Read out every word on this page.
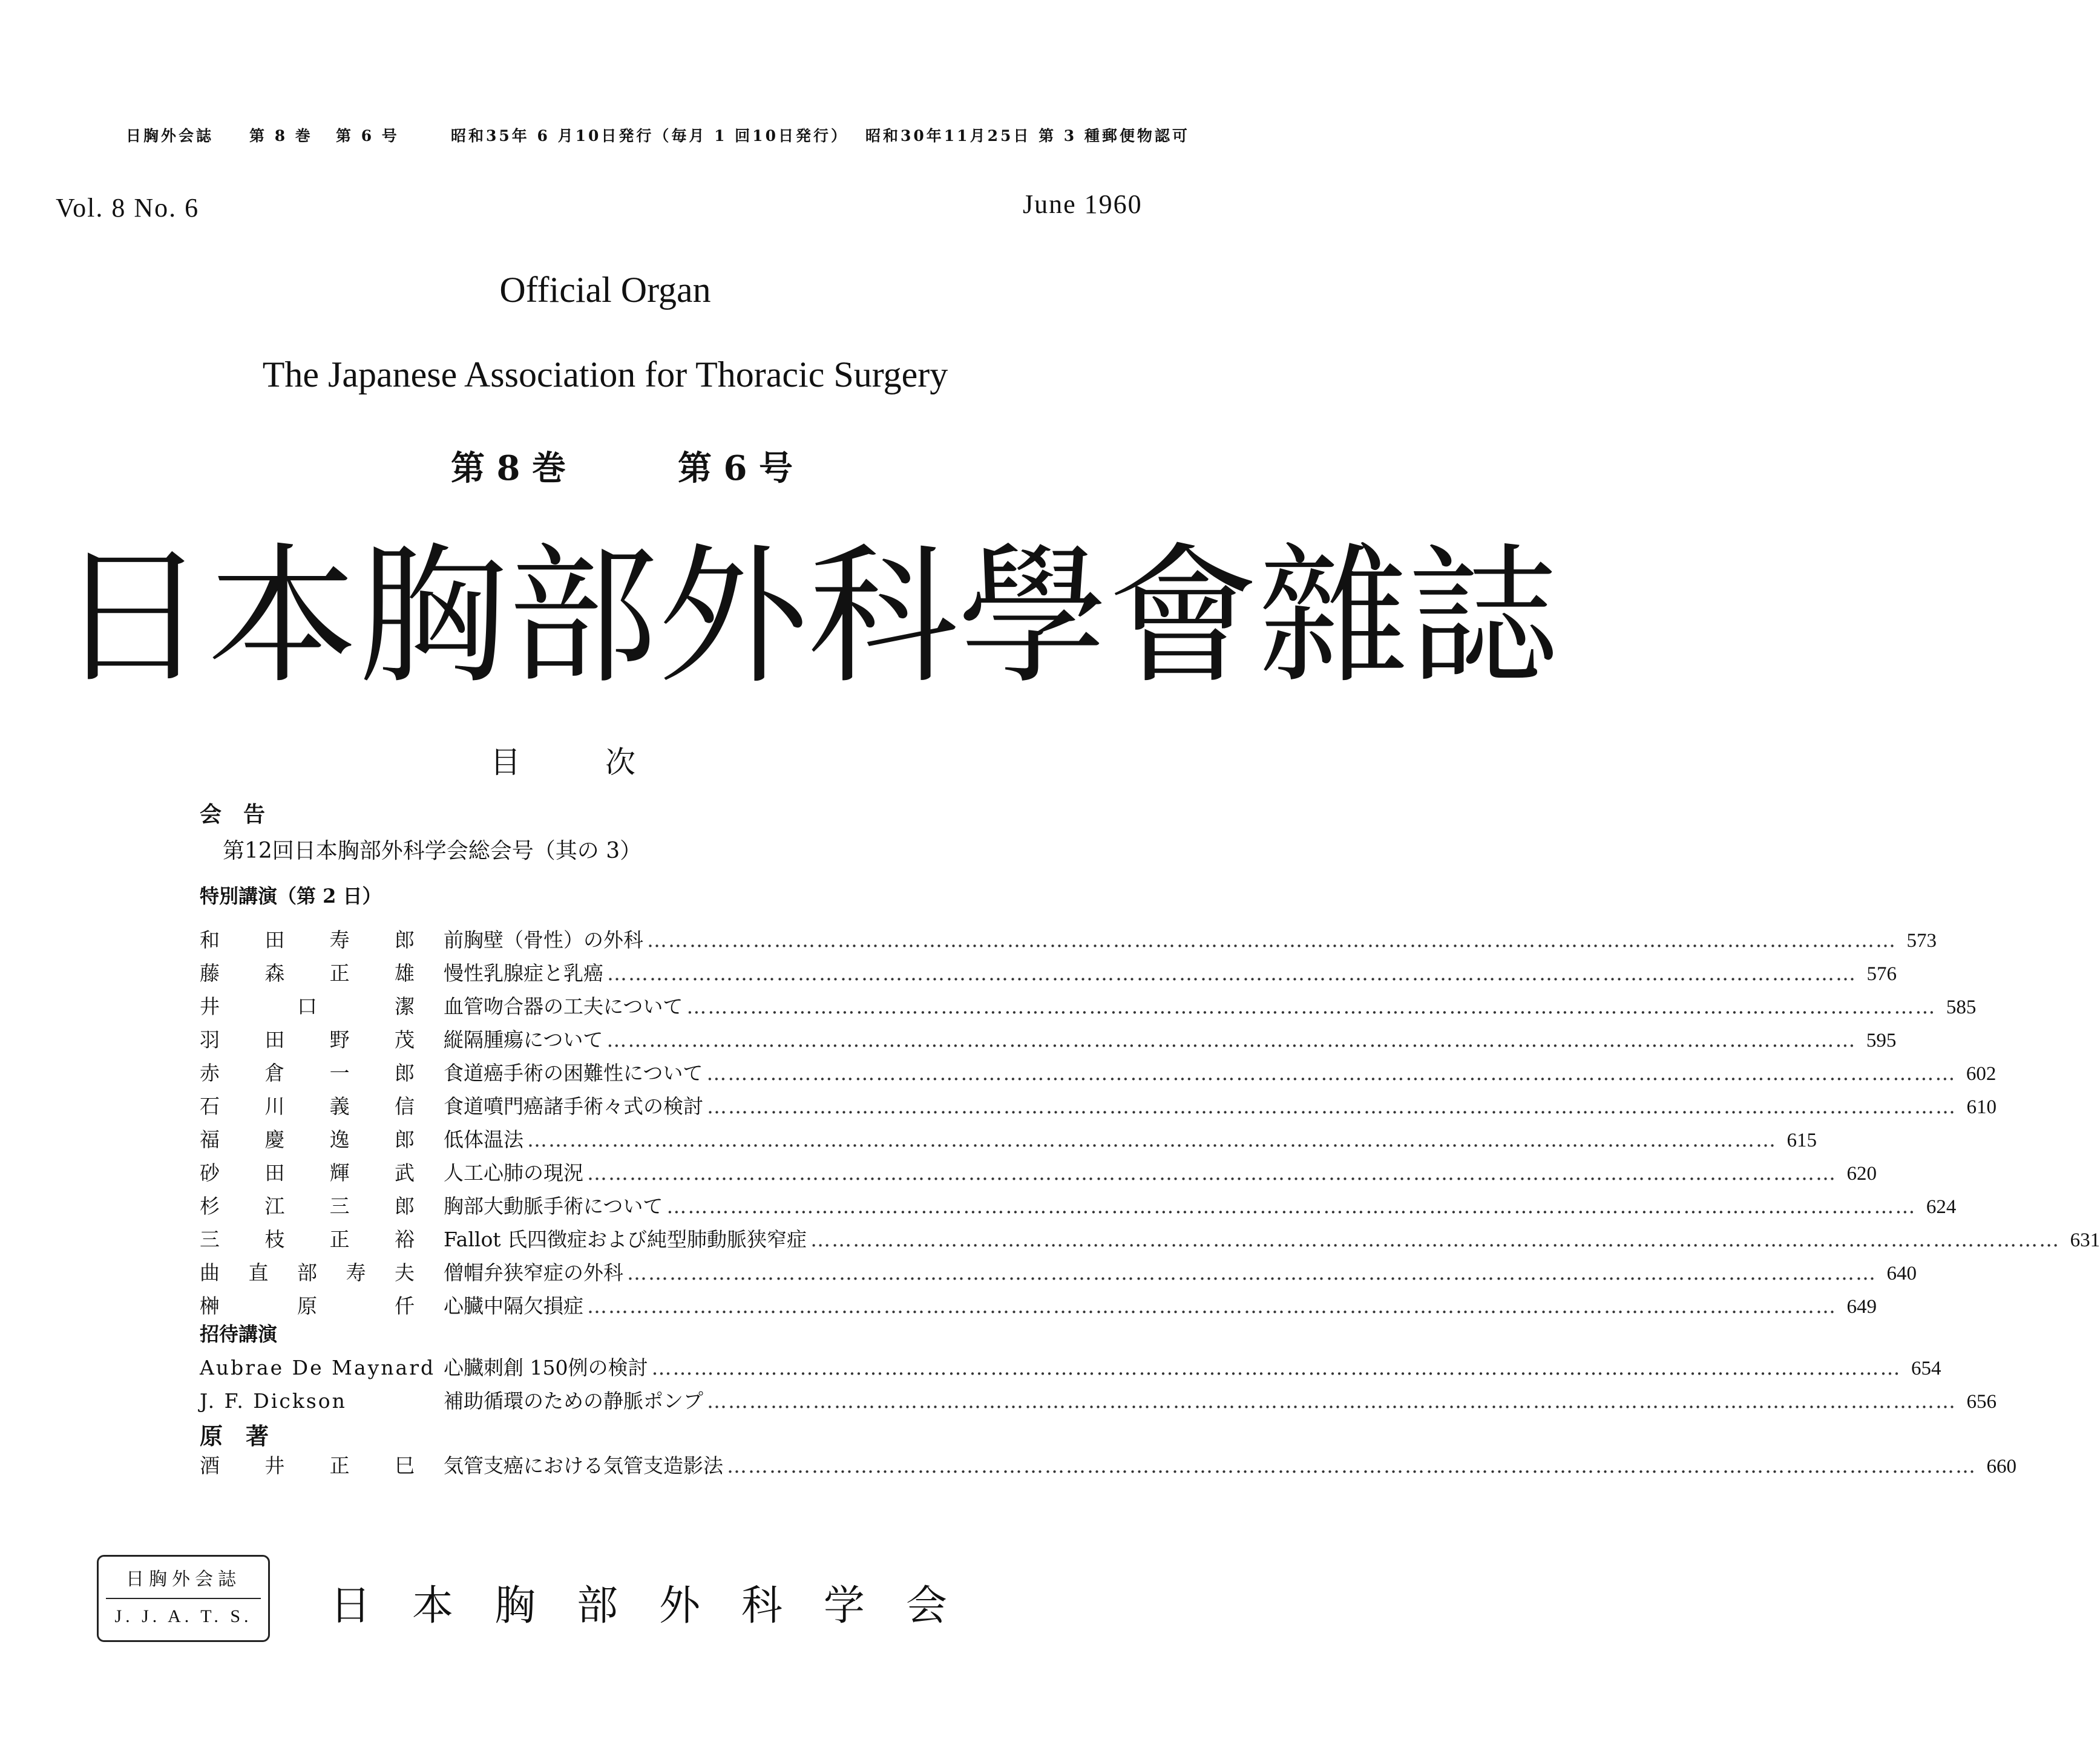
日胸外会誌 第 8 巻 第 6 号	昭和35年 6 月10日発行（毎月 1 回10日発行） 昭和30年11月25日 第 3 種郵便物認可
Vol. 8 No. 6	June 1960
Official Organ
The Japanese Association for Thoracic Surgery
第 8 巻	第 6 号
日 本 胸 部 外 科 學 會 雜 誌
目次
会　告
第12回日本胸部外科学会総会号（其の 3）
特別講演（第 2 日）
和 田 寿 郎 前胸壁（骨性）の外科 …………………………………………………………………………………………………………………………………………………………… 573
藤 森 正 雄 慢性乳腺症と乳癌 …………………………………………………………………………………………………………………………………………………………… 576
井	口	潔 血管吻合器の工夫について …………………………………………………………………………………………………………………………………………………………… 585
羽 田 野 茂 縦隔腫瘍について …………………………………………………………………………………………………………………………………………………………… 595
赤 倉 一 郎 食道癌手術の困難性について …………………………………………………………………………………………………………………………………………………………… 602
石 川 義 信 食道噴門癌諸手術々式の検討 …………………………………………………………………………………………………………………………………………………………… 610
福 慶 逸 郎 低体温法 …………………………………………………………………………………………………………………………………………………………… 615
砂 田 輝 武 人工心肺の現況 …………………………………………………………………………………………………………………………………………………………… 620
杉 江 三 郎 胸部大動脈手術について …………………………………………………………………………………………………………………………………………………………… 624
三 枝 正 裕 Fallot 氏四徴症および純型肺動脈狭窄症 …………………………………………………………………………………………………………………………………………………………… 631
曲 直 部 寿 夫 僧帽弁狭窄症の外科 …………………………………………………………………………………………………………………………………………………………… 640
榊	原	仟 心臓中隔欠損症 …………………………………………………………………………………………………………………………………………………………… 649
招待講演
Aubrae De Maynard 心臓刺創 150例の検討 …………………………………………………………………………………………………………………………………………………………… 654
J. F. Dickson	補助循環のための静脈ポンプ …………………………………………………………………………………………………………………………………………………………… 656
原　著
酒 井 正 巳 気管支癌における気管支造影法 …………………………………………………………………………………………………………………………………………………………… 660
日胸外会誌
J. J. A. T. S.	日 本 胸 部 外 科 学 会
